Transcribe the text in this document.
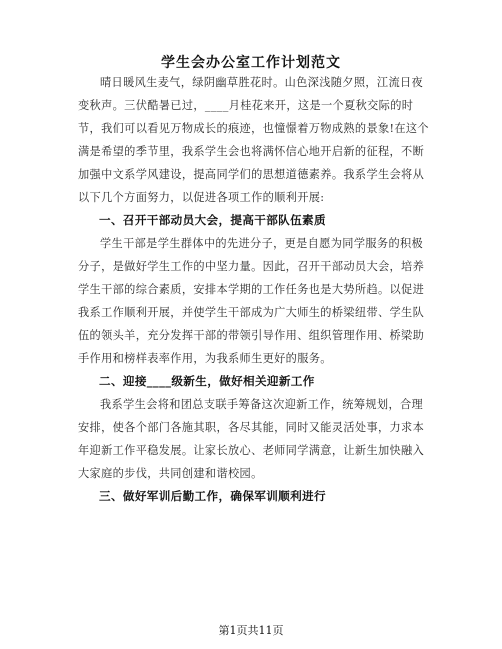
学生会办公室工作计划范文
晴日暖风生麦气，绿阴幽草胜花时。山色深浅随夕照，江流日夜
变秋声。三伏酷暑已过，____月桂花来开，这是一个夏秋交际的时
节，我们可以看见万物成长的痕迹，也憧憬着万物成熟的景象!在这个
满是希望的季节里，我系学生会也将满怀信心地开启新的征程，不断
加强中文系学风建设，提高同学们的思想道德素养。我系学生会将从
以下几个方面努力，以促进各项工作的顺利开展:
一、召开干部动员大会，提高干部队伍素质
学生干部是学生群体中的先进分子，更是自愿为同学服务的积极
分子，是做好学生工作的中坚力量。因此，召开干部动员大会，培养
学生干部的综合素质，安排本学期的工作任务也是大势所趋。以促进
我系工作顺利开展，并使学生干部成为广大师生的桥梁纽带、学生队
伍的领头羊，充分发挥干部的带领引导作用、组织管理作用、桥梁助
手作用和榜样表率作用，为我系师生更好的服务。
二、迎接____级新生，做好相关迎新工作
我系学生会将和团总支联手筹备这次迎新工作，统筹规划，合理
安排，使各个部门各施其职，各尽其能，同时又能灵活处事，力求本
年迎新工作平稳发展。让家长放心、老师同学满意，让新生加快融入
大家庭的步伐，共同创建和谐校园。
三、做好军训后勤工作，确保军训顺利进行
第1页共11页
